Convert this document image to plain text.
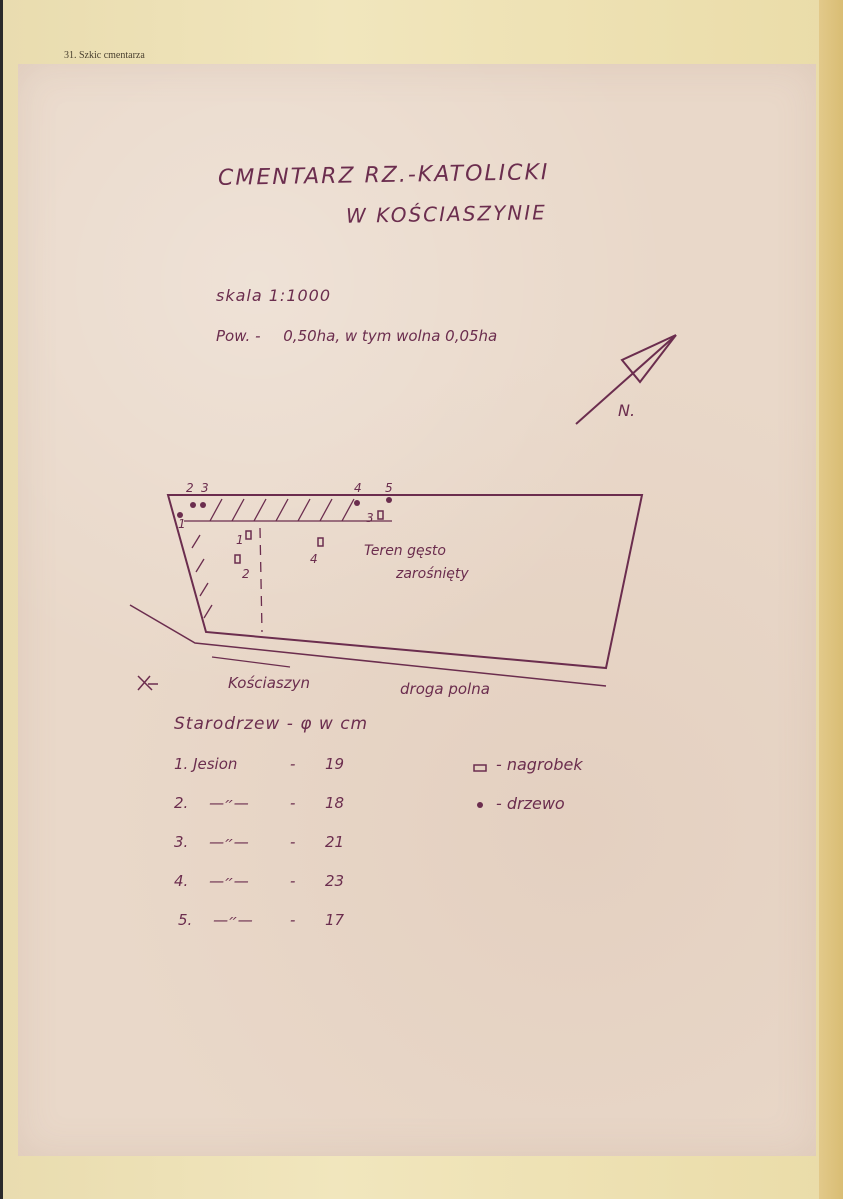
31. Szkic cmentarza
CMENTARZ RZ.-KATOLICKI
W KOŚCIASZYNIE
skala 1:1000
Pow. - 0,50ha, w tym wolna 0,05ha
N.
1
2 3	4 5
1
2
3
4	Teren gęsto
zarośnięty
Kościaszyn	droga polna
Starodrzew - φ w cm
1. Jesion	- 19
2. —״—	- 18
3. —״—	- 21
4. —״—	- 23
5. —״— - 17
- nagrobek
- drzewo
